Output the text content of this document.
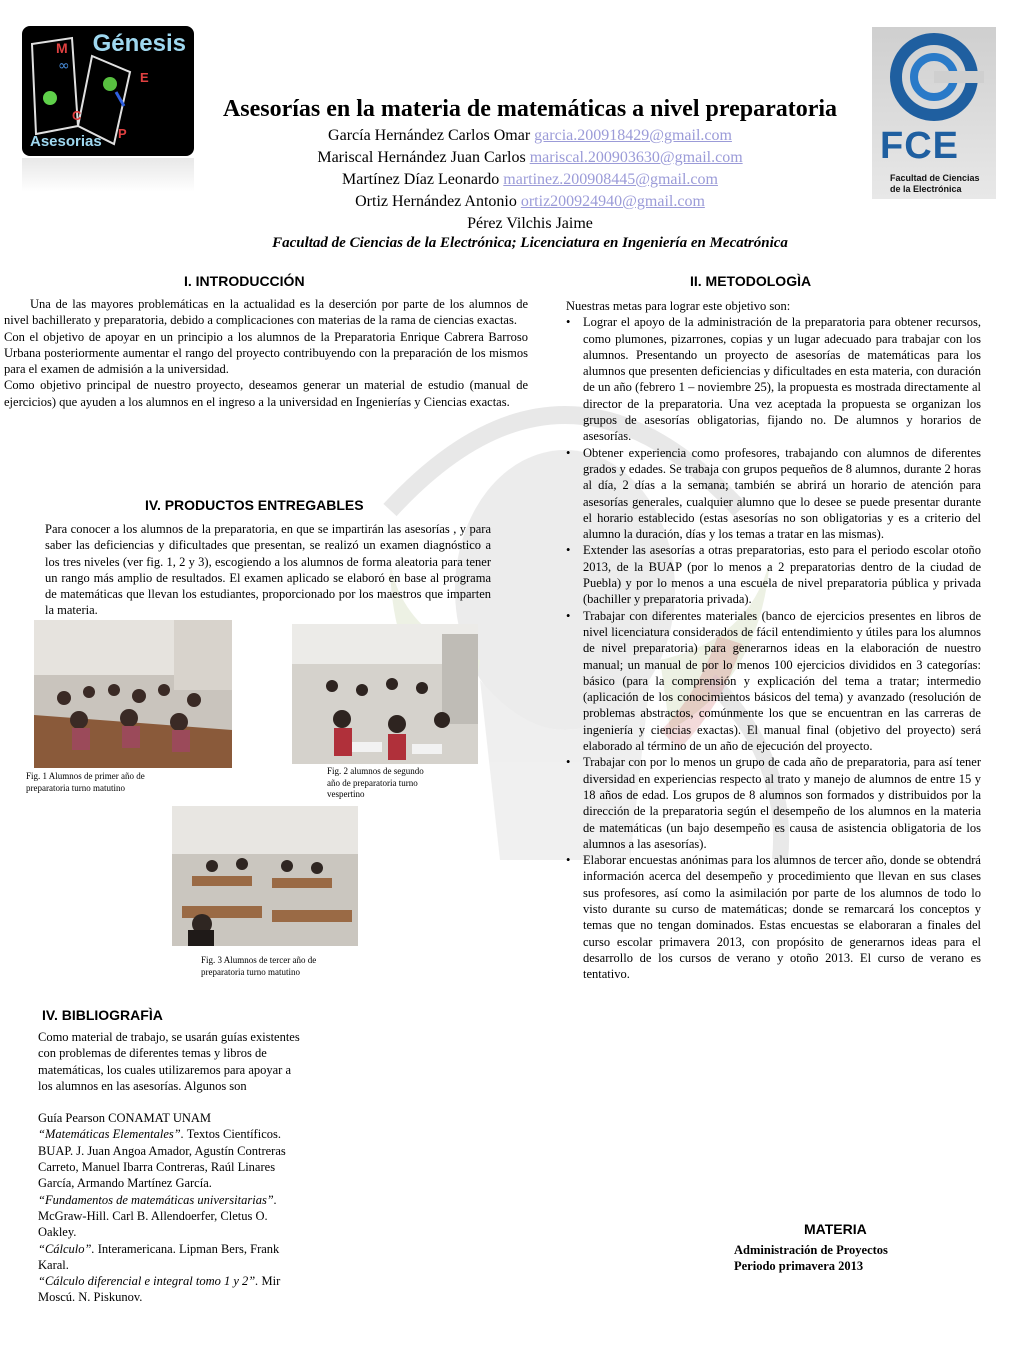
∞
Génesis
Asesorias
M
E
C
P	FCE
Facultad de Ciencias
de la Electrónica
Asesorías en la materia de matemáticas a nivel preparatoria
García Hernández Carlos Omar garcia.200918429@gmail.com
Mariscal Hernández Juan Carlos mariscal.200903630@gmail.com
Martínez Díaz Leonardo martinez.200908445@gmail.com
Ortiz Hernández Antonio ortiz200924940@gmail.com
Pérez Vilchis Jaime
Facultad de Ciencias de la Electrónica; Licenciatura en Ingeniería en Mecatrónica
I. INTRODUCCIÓN

Una de las mayores problemáticas en la actualidad es la deserción por parte de los alumnos de nivel bachillerato y preparatoria, debido a complicaciones con materias de la rama de ciencias exactas.

Con el objetivo de apoyar en un principio a los alumnos de la Preparatoria Enrique Cabrera Barroso Urbana posteriormente aumentar el rango del proyecto contribuyendo con la preparación de los mismos para el examen de admisión a la universidad.

Como objetivo principal de nuestro proyecto, deseamos generar un material de estudio (manual de ejercicios) que ayuden a los alumnos en el ingreso a la universidad en Ingenierías y Ciencias exactas.

IV. PRODUCTOS ENTREGABLES

Para conocer a los alumnos de la preparatoria, en que se impartirán las asesorías , y para saber las deficiencias y dificultades que presentan, se realizó un examen diagnóstico a los tres niveles (ver fig. 1, 2 y 3), escogiendo a los alumnos de forma aleatoria para tener un rango más amplio de resultados. El examen aplicado se elaboró en base al programa de matemáticas que llevan los estudiantes, proporcionado por los maestros que imparten la materia.

Fig. 1 Alumnos de primer año de preparatoria turno matutino

Fig. 2 alumnos de segundo año de preparatoria turno vespertino

Fig. 3 Alumnos de tercer año de preparatoria turno matutino

II. METODOLOGÌA

Nuestras metas para lograr este objetivo son:

• Lograr el apoyo de la administración de la preparatoria para obtener recursos, como plumones, pizarrones, copias y un lugar adecuado para trabajar con los alumnos. Presentando un proyecto de asesorías de matemáticas para los alumnos que presenten deficiencias y dificultades en esta materia, con duración de un año (febrero 1 – noviembre 25), la propuesta es mostrada directamente al director de la preparatoria. Una vez aceptada la propuesta se organizan los grupos de asesorías obligatorias, fijando no. De alumnos y horarios de asesorías.
• Obtener experiencia como profesores, trabajando con alumnos de diferentes grados y edades. Se trabaja con grupos pequeños de 8 alumnos, durante 2 horas al día, 2 días a la semana; también se abrirá un horario de atención para asesorías generales, cualquier alumno que lo desee se puede presentar durante el horario establecido (estas asesorías no son obligatorias y es a criterio del alumno la duración, días y los temas a tratar en las mismas).
• Extender las asesorías a otras preparatorias, esto para el periodo escolar otoño 2013, de la BUAP (por lo menos a 2 preparatorias dentro de la ciudad de Puebla) y por lo menos a una escuela de nivel preparatoria pública y privada (bachiller y preparatoria privada).
• Trabajar con diferentes materiales (banco de ejercicios presentes en libros de nivel licenciatura considerados de fácil entendimiento y útiles para los alumnos de nivel preparatoria) para generarnos ideas en la elaboración de nuestro manual; un manual de por lo menos 100 ejercicios divididos en 3 categorías: básico (para la comprensión y explicación del tema a tratar; intermedio (aplicación de los conocimientos básicos del tema) y avanzado (resolución de problemas abstractos, comúnmente los que se encuentran en las carreras de ingeniería y ciencias exactas). El manual final (objetivo del proyecto) será elaborado al término de un año de ejecución del proyecto.
• Trabajar con por lo menos un grupo de cada año de preparatoria, para así tener diversidad en experiencias respecto al trato y manejo de alumnos de entre 15 y 18 años de edad. Los grupos de 8 alumnos son formados y distribuidos por la dirección de la preparatoria según el desempeño de los alumnos en la materia de matemáticas (un bajo desempeño es causa de asistencia obligatoria de los alumnos a las asesorías).
• Elaborar encuestas anónimas para los alumnos de tercer año, donde se obtendrá información acerca del desempeño y procedimiento que llevan en sus clases sus profesores, así como la asimilación por parte de los alumnos de todo lo visto durante su curso de matemáticas; donde se remarcará los conceptos y temas que no tengan dominados. Estas encuestas se elaboraran a finales del curso escolar primavera 2013, con propósito de generarnos ideas para el desarrollo de los cursos de verano y otoño 2013. El curso de verano es tentativo.
IV. BIBLIOGRAFÌA

Como material de trabajo, se usarán guías existentes con problemas de diferentes temas y libros de matemáticas, los cuales utilizaremos para apoyar a los alumnos en las asesorías. Algunos son

Guía Pearson CONAMAT UNAM
“Matemáticas Elementales”. Textos Científicos. BUAP. J. Juan Angoa Amador, Agustín Contreras Carreto, Manuel Ibarra Contreras, Raúl Linares García, Armando Martínez García.

“Fundamentos de matemáticas universitarias”. McGraw-Hill. Carl B. Allendoerfer, Cletus O. Oakley.

“Cálculo”. Interamericana. Lipman Bers, Frank Karal.

“Cálculo diferencial e integral tomo 1 y 2”. Mir Moscú. N. Piskunov.

MATERIA
Administración de Proyectos
Periodo primavera 2013
